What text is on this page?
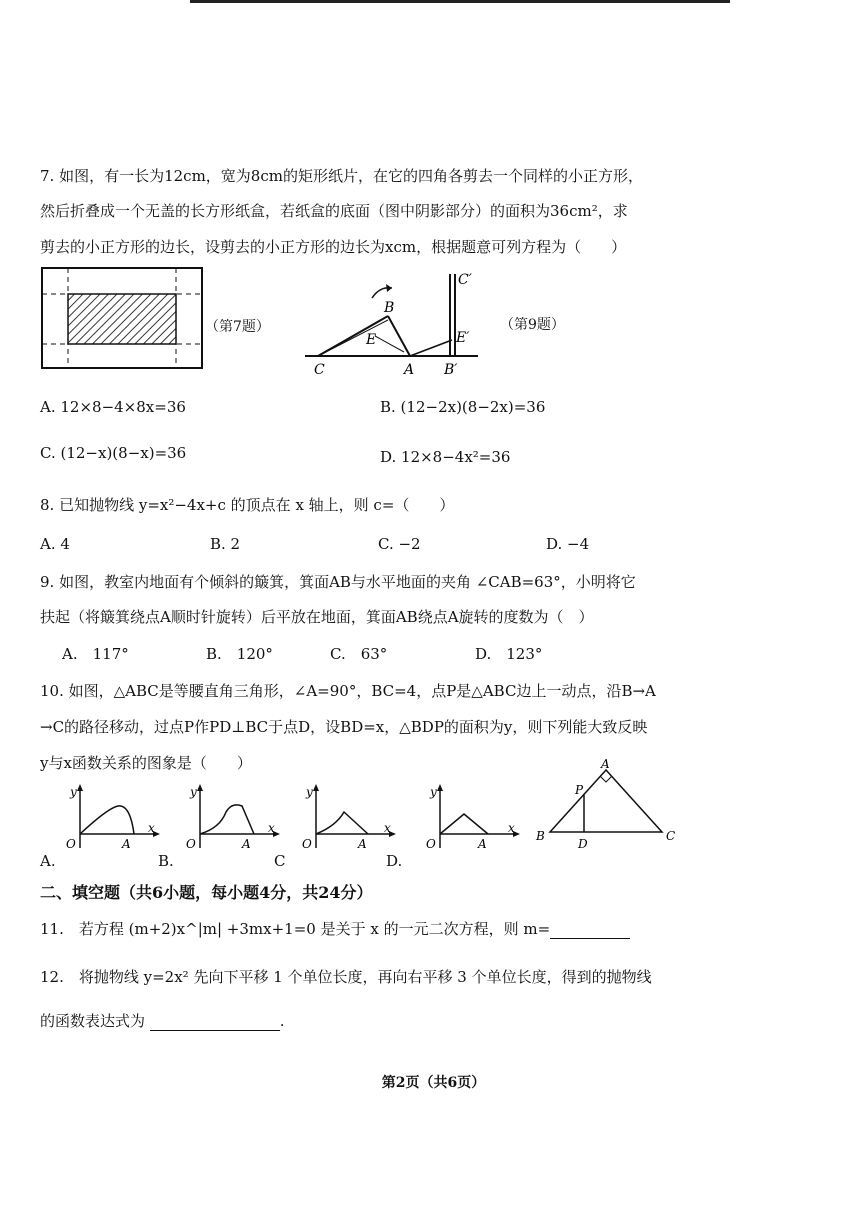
7. 如图，有一长为12cm，宽为8cm的矩形纸片，在它的四角各剪去一个同样的小正方形，
然后折叠成一个无盖的长方形纸盒，若纸盒的底面（图中阴影部分）的面积为36cm²，求
剪去的小正方形的边长，设剪去的小正方形的边长为xcm，根据题意可列方程为（　　）
（第7题）
C
E
B
A B′
E′
C′
（第9题）
A. 12×8−4×8x=36	B. (12−2x)(8−2x)=36
C. (12−x)(8−x)=36	D. 12×8−4x²=36
8. 已知抛物线 y=x²−4x+c 的顶点在 x 轴上，则 c=（　　）
A. 4	B. 2	C. −2	D. −4
9. 如图，教室内地面有个倾斜的簸箕，箕面AB与水平地面的夹角 ∠CAB=63°，小明将它
扶起（将簸箕绕点A顺时针旋转）后平放在地面，箕面AB绕点A旋转的度数为（　）
A.　117°	B.　120°	C.　63°	D.　123°
10. 如图，△ABC是等腰直角三角形，∠A=90°，BC=4，点P是△ABC边上一动点，沿B→A
→C的路径移动，过点P作PD⊥BC于点D，设BD=x，△BDP的面积为y，则下列能大致反映
y与x函数关系的图象是（　　）
y
x
O	A
y
x
O	A
y
x
O	A
y
x
O	A
A
P
B
D
C
A.	B.	C	D.
二、填空题（共6小题，每小题4分，共24分）
11.　若方程 (m+2)x^|m| +3mx+1=0 是关于 x 的一元二次方程，则 m=
12.　将抛物线 y=2x² 先向下平移 1 个单位长度，再向右平移 3 个单位长度，得到的抛物线
的函数表达式为	.
第2页（共6页）
